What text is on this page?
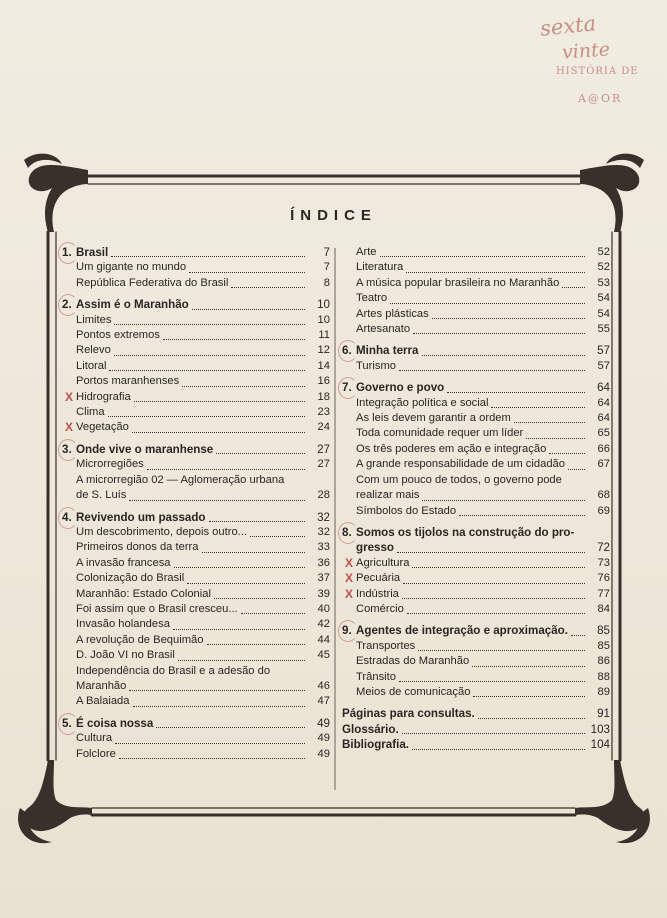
sexta
vinte
HISTÓRIA DE
A@OR
ÍNDICE
1. Brasil	7
Um gigante no mundo	7
República Federativa do Brasil	8
2. Assim é o Maranhão	10
Limites	10
Pontos extremos	11
Relevo	12
Litoral	14
Portos maranhenses	16
X Hidrografia	18
Clima	23
X Vegetação	24
3. Onde vive o maranhense	27
Microrregiões	27
A microrregião 02 — Aglomeração urbana
de S. Luís	28
4. Revivendo um passado	32
Um descobrimento, depois outro...	32
Primeiros donos da terra	33
A invasão francesa	36
Colonização do Brasil	37
Maranhão: Estado Colonial	39
Foi assim que o Brasil cresceu...	40
Invasão holandesa	42
A revolução de Bequimão	44
D. João VI no Brasil	45
Independência do Brasil e a adesão do
Maranhão	46
A Balaiada	47
5. É coisa nossa	49
Cultura	49
Folclore	49
Arte	52
Literatura	52
A música popular brasileira no Maranhão	53
Teatro	54
Artes plásticas	54
Artesanato	55
6. Minha terra	57
Turismo	57
7. Governo e povo	64
Integração política e social	64
As leis devem garantir a ordem	64
Toda comunidade requer um líder	65
Os três poderes em ação e integração	66
A grande responsabilidade de um cidadão	67
Com um pouco de todos, o governo pode
realizar mais	68
Símbolos do Estado	69
8. Somos os tijolos na construção do pro-
gresso	72
X Agricultura	73
X Pecuária	76
X Indústria	77
Comércio	84
9. Agentes de integração e aproximação.	85
Transportes	85
Estradas do Maranhão	86
Trânsito	88
Meios de comunicação	89
Páginas para consultas.	91
Glossário.	103
Bibliografia.	104
